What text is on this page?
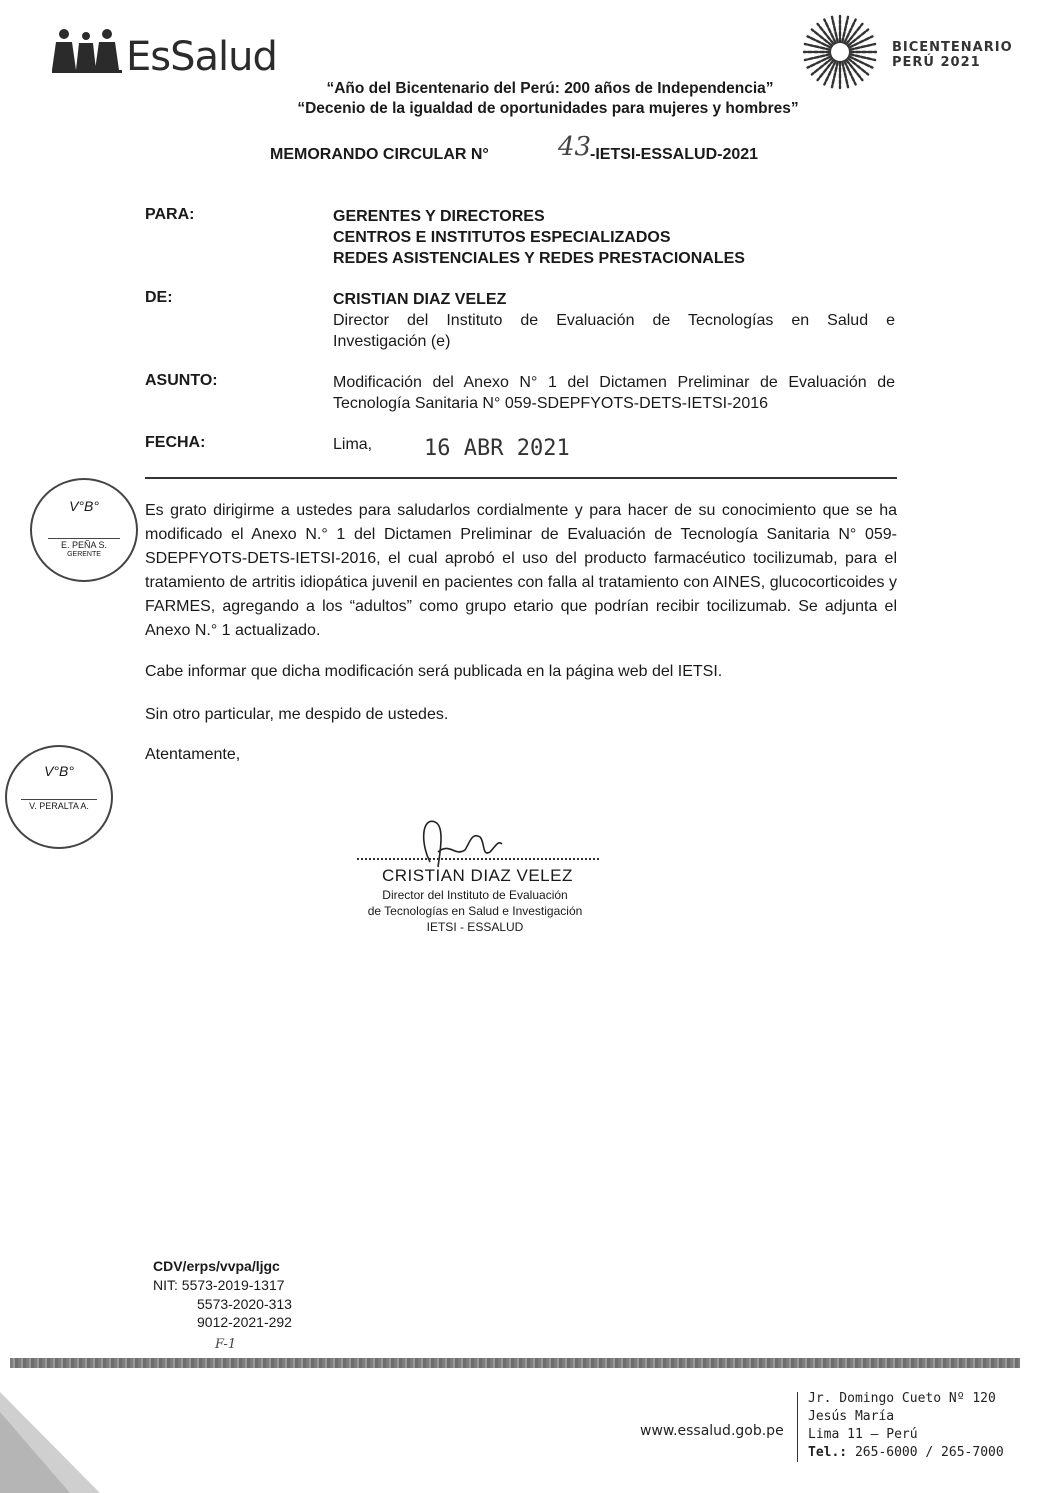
EsSalud	BICENTENARIO
PERÚ 2021
“Año del Bicentenario del Perú: 200 años de Independencia”
“Decenio de la igualdad de oportunidades para mujeres y hombres”
MEMORANDO CIRCULAR N°	43
-IETSI-ESSALUD-2021
PARA:	GERENTES Y DIRECTORES
CENTROS E INSTITUTOS ESPECIALIZADOS
REDES ASISTENCIALES Y REDES PRESTACIONALES
DE:	CRISTIAN DIAZ VELEZ
Director del Instituto de Evaluación de Tecnologías en Salud e
Investigación (e)
ASUNTO:	Modificación del Anexo N° 1 del Dictamen Preliminar de Evaluación de
Tecnología Sanitaria N° 059-SDEPFYOTS-DETS-IETSI-2016
FECHA:	Lima, 16 ABR 2021
V°B°
E. PEÑA S.
GERENTE
Es grato dirigirme a ustedes para saludarlos cordialmente y para hacer de su conocimiento que se ha modificado el Anexo N.° 1 del Dictamen Preliminar de Evaluación de Tecnología Sanitaria N° 059-SDEPFYOTS-DETS-IETSI-2016, el cual aprobó el uso del producto farmacéutico tocilizumab, para el tratamiento de artritis idiopática juvenil en pacientes con falla al tratamiento con AINES, glucocorticoides y FARMES, agregando a los “adultos” como grupo etario que podrían recibir tocilizumab. Se adjunta el Anexo N.° 1 actualizado.
Cabe informar que dicha modificación será publicada en la página web del IETSI.
Sin otro particular, me despido de ustedes.
Atentamente,
V°B°
V. PERALTA A.
CRISTIAN DIAZ VELEZ
Director del Instituto de Evaluación
de Tecnologías en Salud e Investigación
IETSI - ESSALUD
CDV/erps/vvpa/ljgc
NIT: 5573-2019-1317
5573-2020-313
9012-2021-292
F-1
www.essalud.gob.pe
Jr. Domingo Cueto Nº 120
Jesús María
Lima 11 – Perú
Tel.: 265-6000 / 265-7000
